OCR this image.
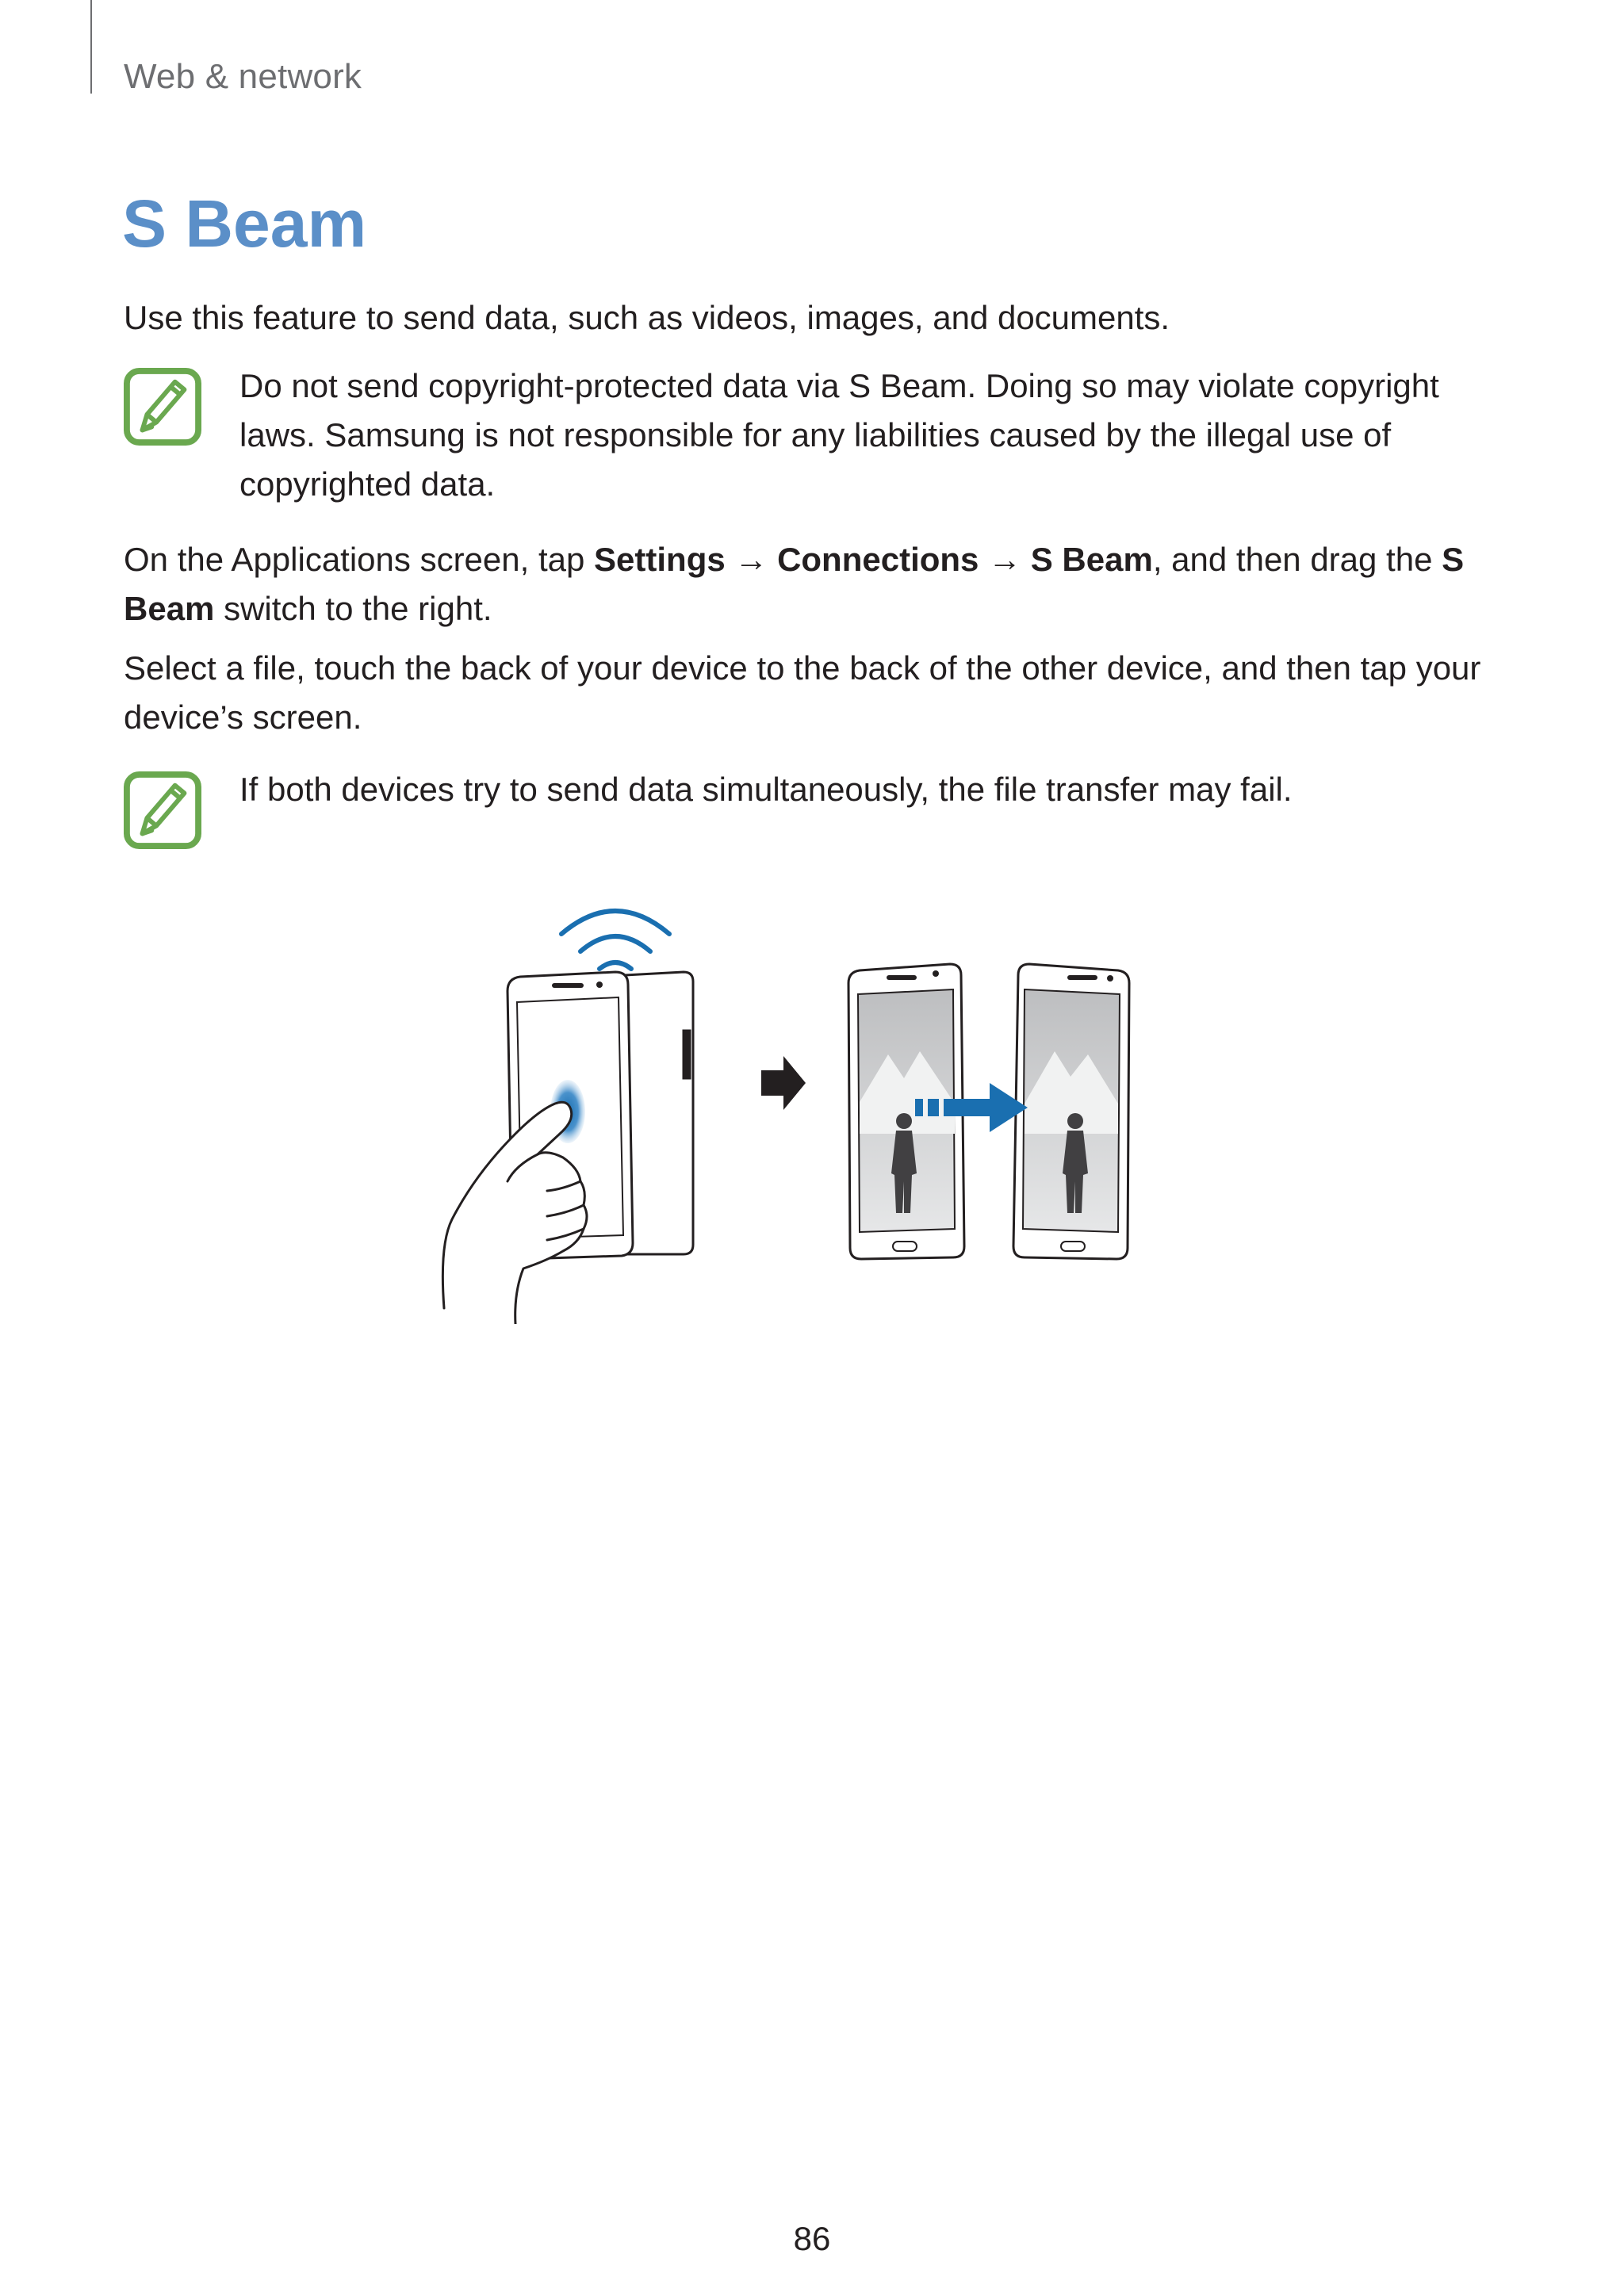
Web & network
S Beam

Use this feature to send data, such as videos, images, and documents.

Do not send copyright-protected data via S Beam. Doing so may violate copyright laws. Samsung is not responsible for any liabilities caused by the illegal use of copyrighted data.

On the Applications screen, tap Settings → Connections → S Beam, and then drag the S Beam switch to the right.

Select a file, touch the back of your device to the back of the other device, and then tap your device’s screen.

If both devices try to send data simultaneously, the file transfer may fail.

86
